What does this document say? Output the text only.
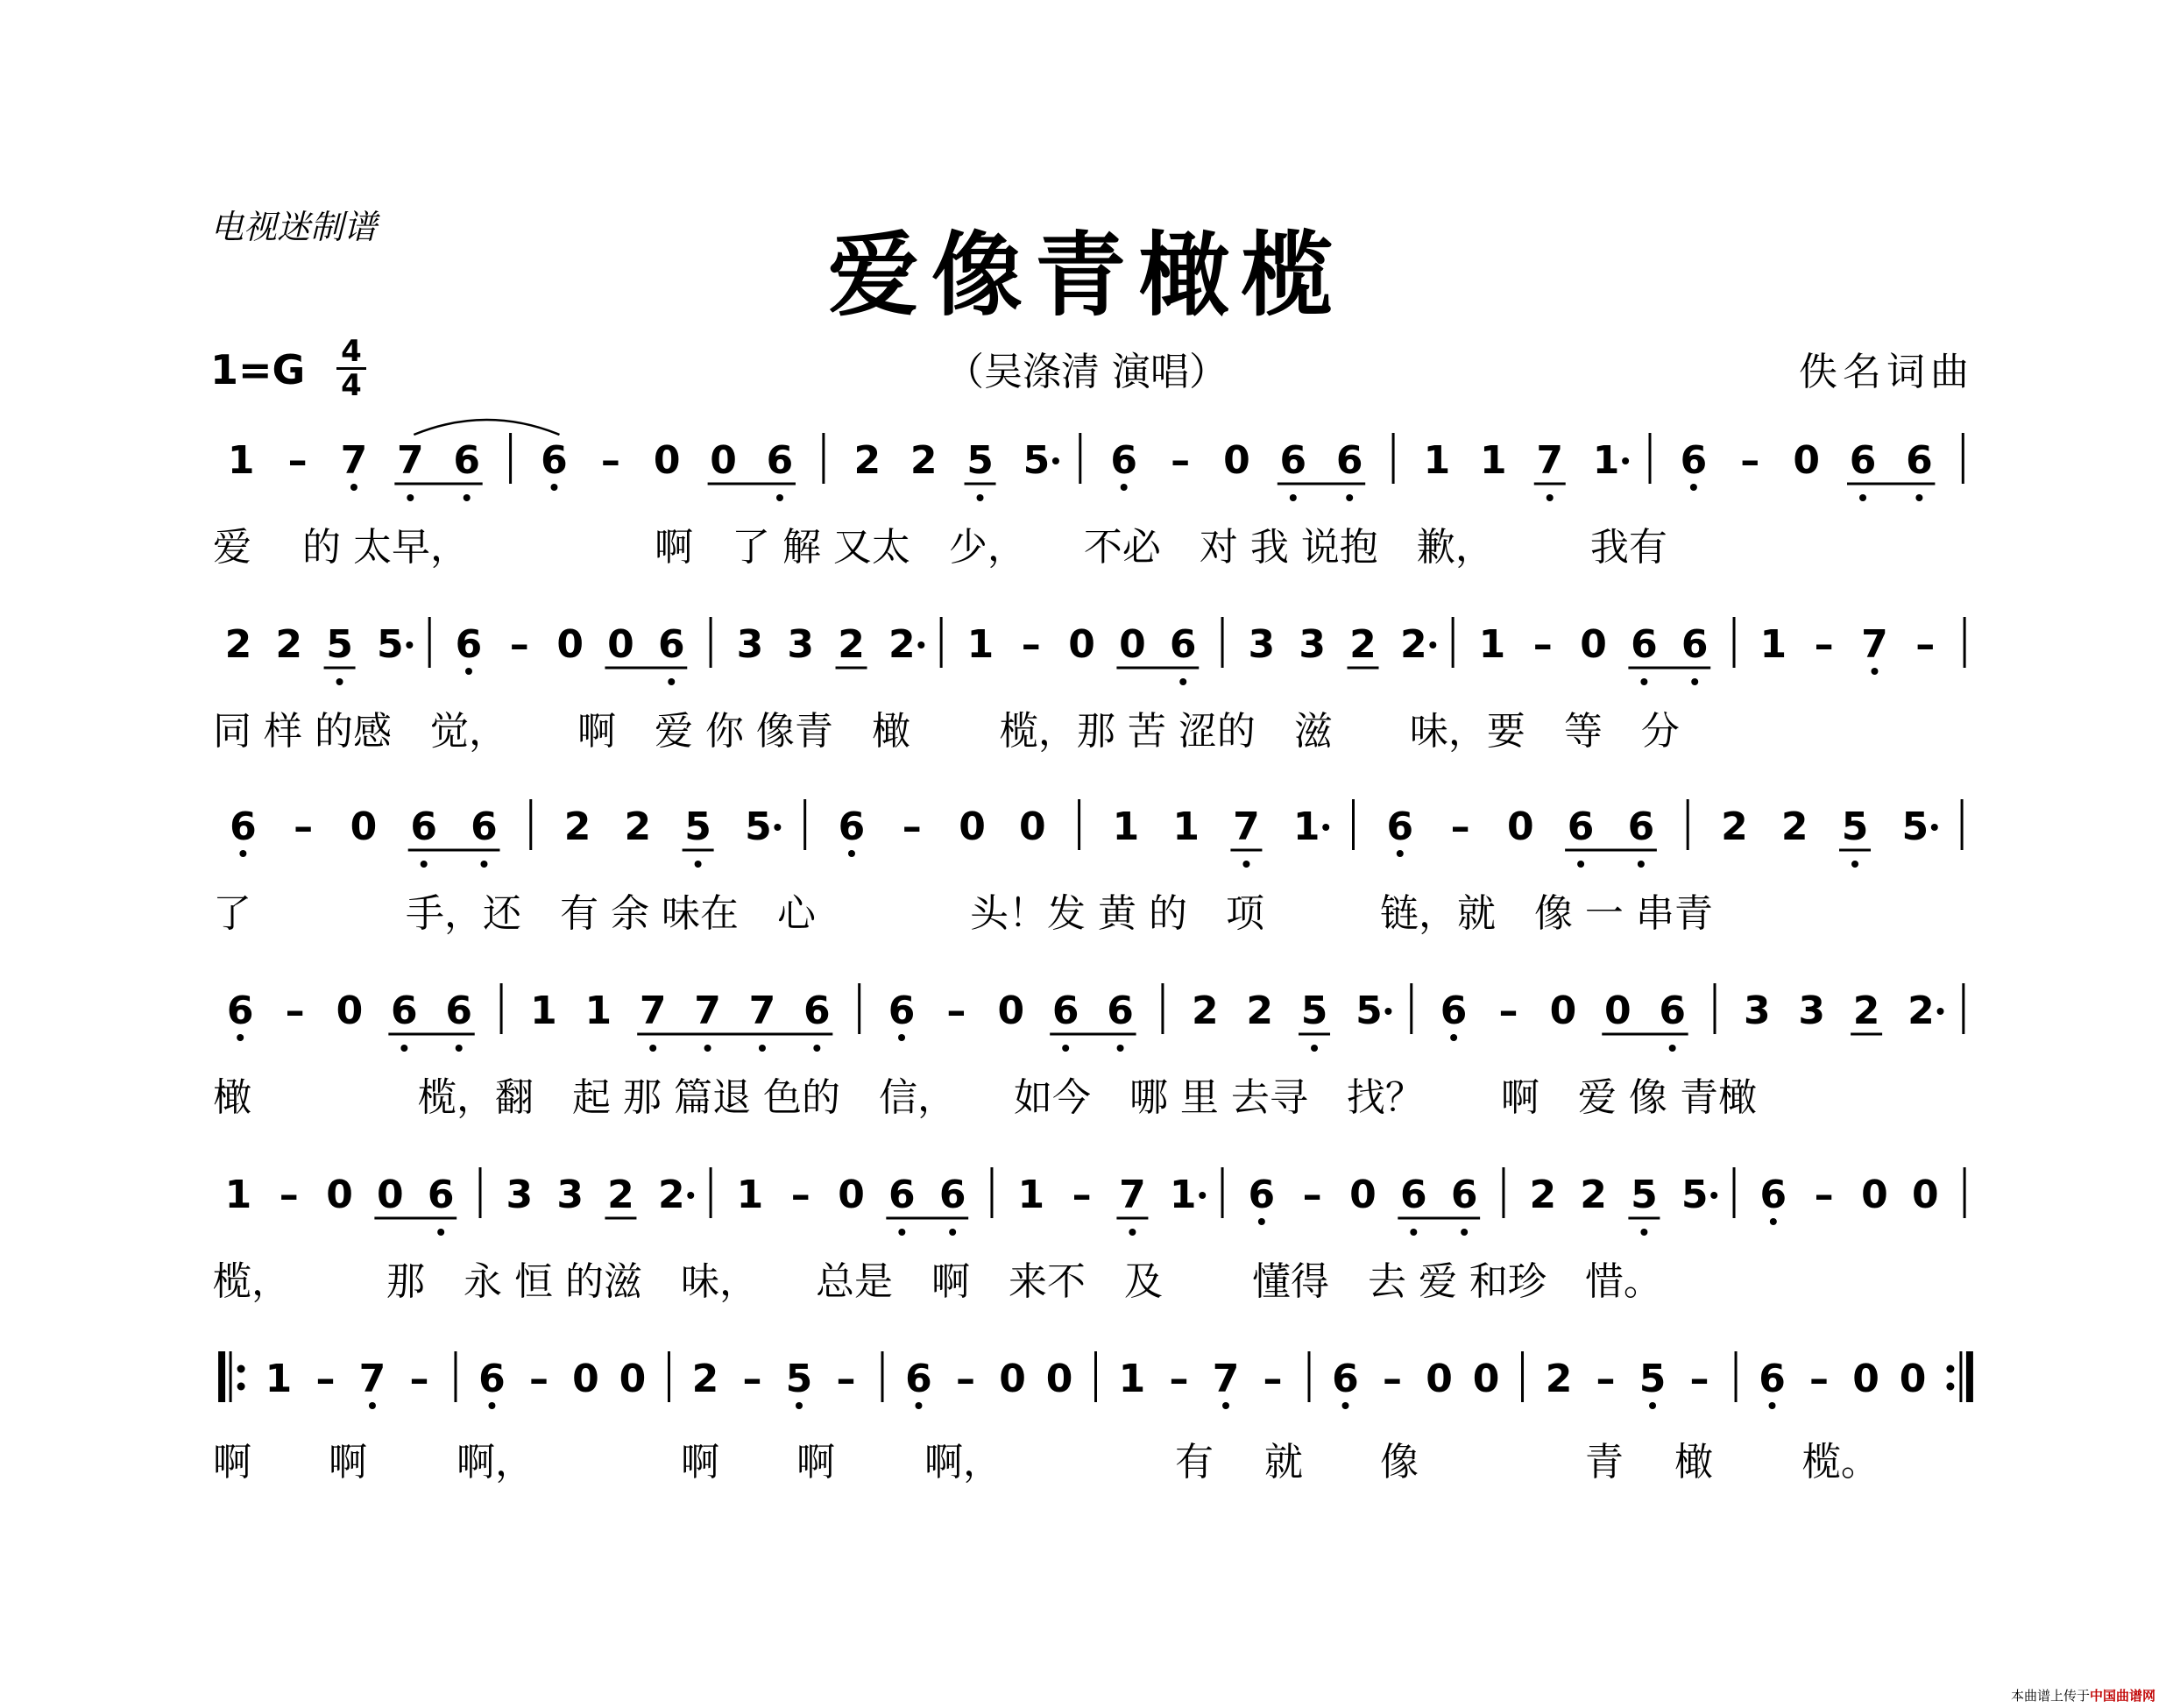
电视迷制谱	爱像青橄榄
（吴涤清 演唱）	佚名词曲
1=G 4
4
1 – 7 7 6 6 – 0 0 6 2 2 5 5 6 – 0 6 6 1 1 7 1 6 – 0 6 6
2 2 5 5 6 – 0 0 6 3 3 2 2 1 – 0 0 6 3 3 2 2 1 – 0 6 6 1 – 7 –
6 – 0 6 6 2 2 5 5 6 – 0 0 1 1 7 1 6 – 0 6 6 2 2 5 5
6 – 0 6 6 1 1 7 7 7 6 6 – 0 6 6 2 2 5 5 6 – 0 0 6 3 3 2 2
1 – 0 0 6 3 3 2 2 1 – 0 6 6 1 – 7 1 6 – 0 6 6 2 2 5 5 6 – 0 0
1 – 7 – 6 – 0 0 2 – 5 – 6 – 0 0 1 – 7 – 6 – 0 0 2 – 5 – 6 – 0 0
爱　 的 太早，　　　　　 啊　了 解 又太　少，　　不必　对 我 说抱　歉，　　　我有
同 样 的感　觉，　　 啊　爱 你 像青　橄　　 榄，那 苦 涩的　滋　　味，要　等　分
了　　　　手，还　有 余 味在　心　　　　头！发 黄 的　项　　　链，就　像 一 串青
橄　　　　 榄，翻　起 那 篇退 色的　信，　　如今　哪 里 去寻　找？　　啊　爱 像 青橄
榄，　　　那　永 恒 的滋　味，　　总是　啊　来不　及　　 懂得　去 爱 和珍　惜。
啊　　啊　　 啊，　　　　 啊　　啊　　 啊，　　　　　有　 就　　像　　　　 青　 橄　　 榄。
本曲谱上传于中国曲谱网
